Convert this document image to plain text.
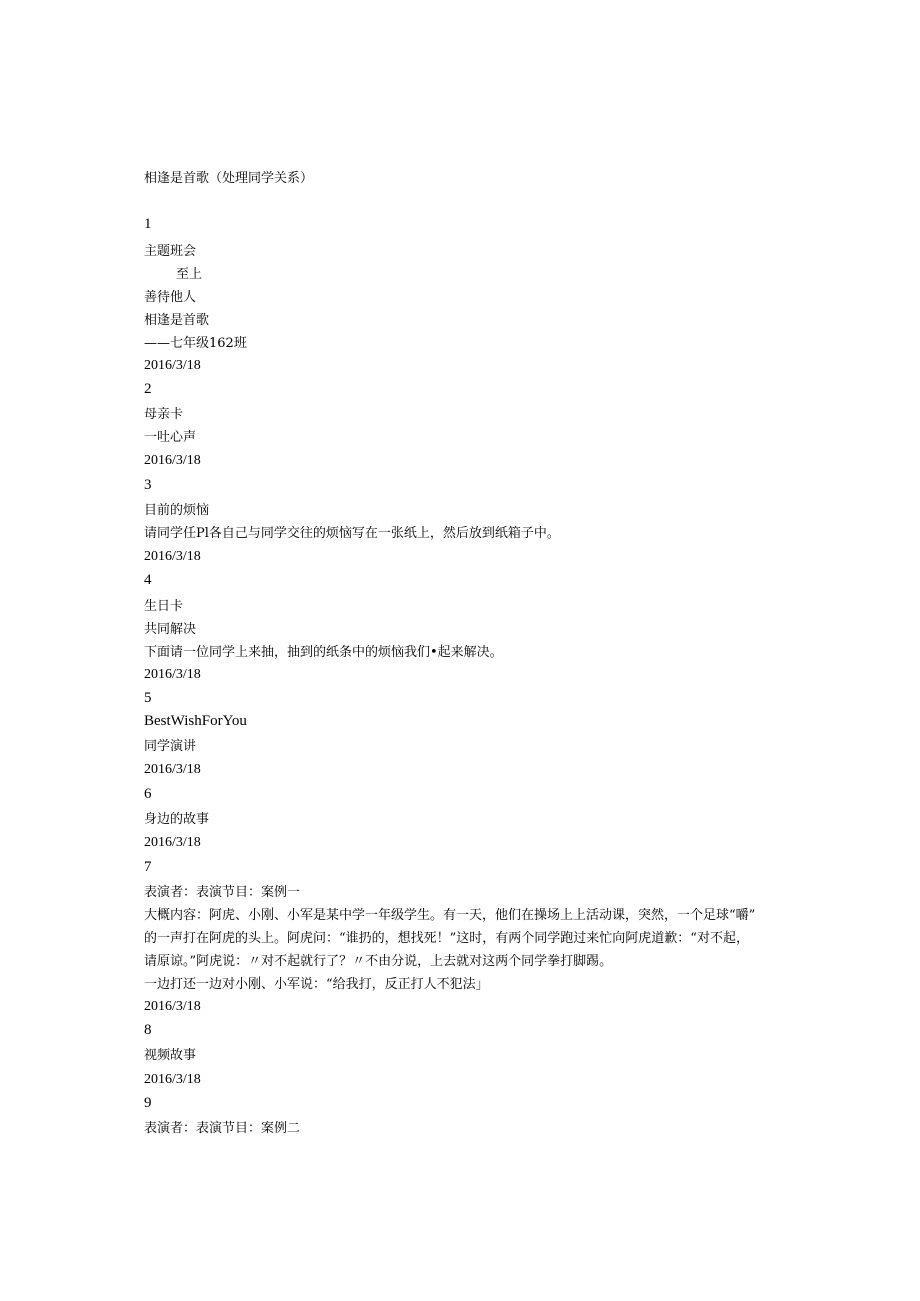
相逢是首歌（处理同学关系）
1
主题班会
至上
善待他人
相逢是首歌
——七年级162班
2016/3/18
2
母亲卡
一吐心声
2016/3/18
3
目前的烦恼
请同学任Pl各自己与同学交往的烦恼写在一张纸上，然后放到纸箱子中。
2016/3/18
4
生日卡
共同解决
下面请一位同学上来抽，抽到的纸条中的烦恼我们•起来解决。
2016/3/18
5
BestWishForYou
同学演讲
2016/3/18
6
身边的故事
2016/3/18
7
表演者：表演节目：案例一
大概内容：阿虎、小刚、小军是某中学一年级学生。有一天，他们在操场上上活动课，突然，一个足球“嚼”
的一声打在阿虎的头上。阿虎问：“谁扔的，想找死！”这时，有两个同学跑过来忙向阿虎道歉：“对不起，
请原谅。”阿虎说：〃对不起就行了？〃不由分说，上去就对这两个同学拳打脚踢。
一边打还一边对小刚、小军说：“给我打，反正打人不犯法」
2016/3/18
8
视频故事
2016/3/18
9
表演者：表演节目：案例二
